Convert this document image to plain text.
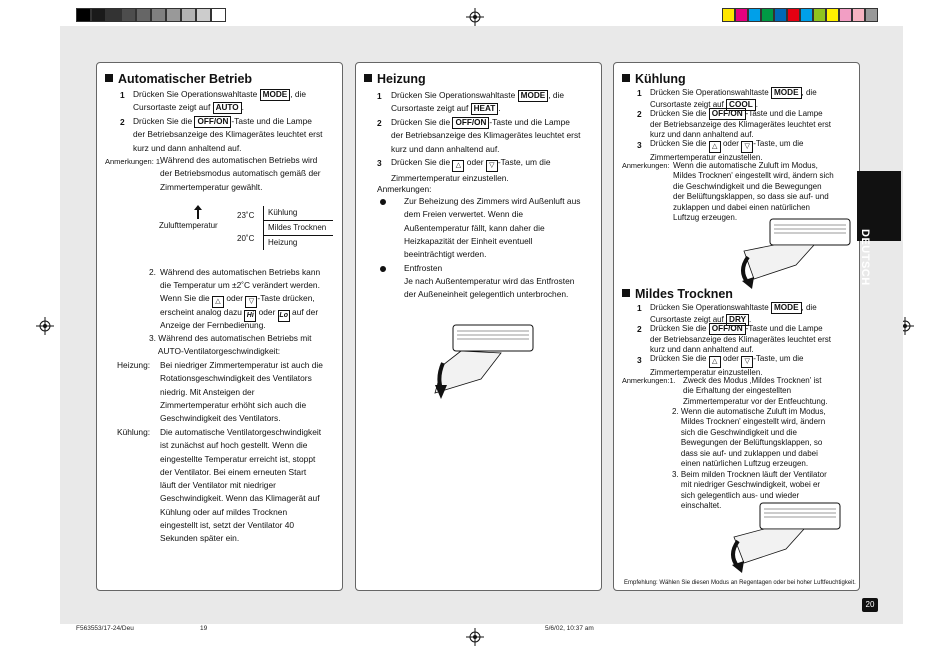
Automatischer Betrieb
1 Drücken Sie Operationswahltaste MODE , die
Cursortaste zeigt auf AUTO .
2 Drücken Sie die OFF/ON -Taste und die Lampe
der Betriebsanzeige des Klimagerätes leuchtet erst
kurz und dann anhaltend auf.
Anmerkungen: 1.
Während des automatischen Betriebs wird
der Betriebsmodus automatisch gemäß der
Zimmertemperatur gewählt.
Zulufttemperatur
23˚C
20˚C
Kühlung
Mildes Trocknen
Heizung
2. Während des automatischen Betriebs kann
die Temperatur um ±2˚C verändert werden.
Wenn Sie die △ oder ▽ -Taste drücken,
erscheint analog dazu Hi oder Lo auf der
Anzeige der Fernbedienung.
3. Während des automatischen Betriebs mit
AUTO-Ventilatorgeschwindigkeit:
Heizung: Bei niedriger Zimmertemperatur ist auch die
Rotationsgeschwindigkeit des Ventilators
niedrig. Mit Ansteigen der
Zimmertemperatur erhöht sich auch die
Geschwindigkeit des Ventilators.
Kühlung: Die automatische Ventilatorgeschwindigkeit
ist zunächst auf hoch gestellt. Wenn die
eingestellte Temperatur erreicht ist, stoppt
der Ventilator. Bei einem erneuten Start
läuft der Ventilator mit niedriger
Geschwindigkeit. Wenn das Klimagerät auf
Kühlung oder auf mildes Trocknen
eingestellt ist, setzt der Ventilator 40
Sekunden später ein.
Heizung
1 Drücken Sie Operationswahltaste MODE , die
Cursortaste zeigt auf HEAT .
2 Drücken Sie die OFF/ON -Taste und die Lampe
der Betriebsanzeige des Klimagerätes leuchtet erst
kurz und dann anhaltend auf.
3 Drücken Sie die △ oder ▽ -Taste, um die
Zimmertemperatur einzustellen.
Anmerkungen:
Zur Beheizung des Zimmers wird Außenluft aus
dem Freien verwertet. Wenn die
Außentemperatur fällt, kann daher die
Heizkapazität der Einheit eventuell
beeinträchtigt werden.
Entfrosten
Je nach Außentemperatur wird das Entfrosten
der Außeneinheit gelegentlich unterbrochen.
Kühlung
1 Drücken Sie Operationswahltaste MODE , die
Cursortaste zeigt auf COOL .
2 Drücken Sie die OFF/ON -Taste und die Lampe
der Betriebsanzeige des Klimagerätes leuchtet erst
kurz und dann anhaltend auf.
3 Drücken Sie die △ oder ▽ -Taste, um die
Zimmertemperatur einzustellen.
Anmerkungen: Wenn die automatische Zuluft im Modus,
Mildes Trocknen' eingestellt wird, ändern sich
die Geschwindigkeit und die Bewegungen
der Belüftungsklappen, so dass sie auf- und
zuklappen und dabei einen natürlichen
Luftzug erzeugen.
Mildes Trocknen
1 Drücken Sie Operationswahltaste MODE , die
Cursortaste zeigt auf DRY .
2 Drücken Sie die OFF/ON -Taste und die Lampe
der Betriebsanzeige des Klimagerätes leuchtet erst
kurz und dann anhaltend auf.
3 Drücken Sie die △ oder ▽ -Taste, um die
Zimmertemperatur einzustellen.
Anmerkungen:1. Zweck des Modus ‚Mildes Trocknen' ist
die Erhaltung der eingestellten
Zimmertemperatur vor der Entfeuchtung.
2. Wenn die automatische Zuluft im Modus,
Mildes Trocknen' eingestellt wird, ändern
sich die Geschwindigkeit und die
Bewegungen der Belüftungsklappen, so
dass sie auf- und zuklappen und dabei
einen natürlichen Luftzug erzeugen.
3. Beim milden Trocknen läuft der Ventilator
mit niedriger Geschwindigkeit, wobei er
sich gelegentlich aus- und wieder
einschaltet.
Empfehlung: Wählen Sie diesen Modus an Regentagen oder bei hoher Luftfeuchtigkeit.
DEUTSCH
20
F563553/17-24/Deu	19	5/6/02, 10:37 am
